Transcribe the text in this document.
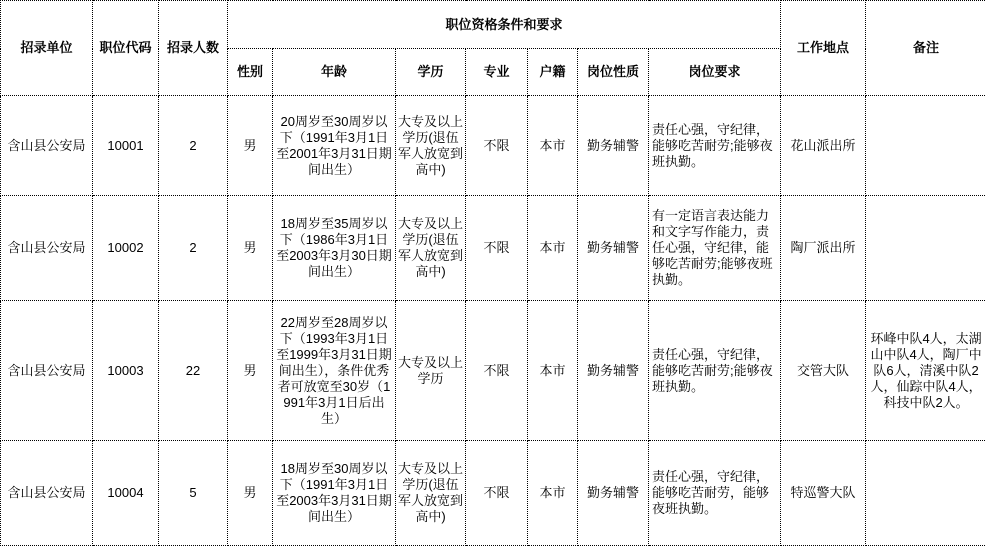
招录单位	职位代码	招录人数	职位资格条件和要求							工作地点	备注
			性别	年龄	学历	专业	户籍	岗位性质	岗位要求		
含山县公安局	10001	2	男	20周岁至30周岁以下（1991年3月1日至2001年3月31日期间出生）	大专及以上学历(退伍军人放宽到高中)	不限	本市	勤务辅警	责任心强，守纪律，能够吃苦耐劳;能够夜班执勤。	花山派出所	
含山县公安局	10002	2	男	18周岁至35周岁以下（1986年3月1日至2003年3月30日期间出生）	大专及以上学历(退伍军人放宽到高中)	不限	本市	勤务辅警	有一定语言表达能力和文字写作能力，责任心强，守纪律，能够吃苦耐劳;能够夜班执勤。	陶厂派出所	
含山县公安局	10003	22	男	22周岁至28周岁以下（1993年3月1日至1999年3月31日期间出生），条件优秀者可放宽至30岁（1991年3月1日后出生）	大专及以上学历	不限	本市	勤务辅警	责任心强，守纪律，能够吃苦耐劳;能够夜班执勤。	交管大队	环峰中队4人，太湖山中队4人，陶厂中队6人，清溪中队2人，仙踪中队4人，科技中队2人。
含山县公安局	10004	5	男	18周岁至30周岁以下（1991年3月1日至2003年3月31日期间出生）	大专及以上学历(退伍军人放宽到高中)	不限	本市	勤务辅警	责任心强，守纪律，能够吃苦耐劳，能够夜班执勤。	特巡警大队	
